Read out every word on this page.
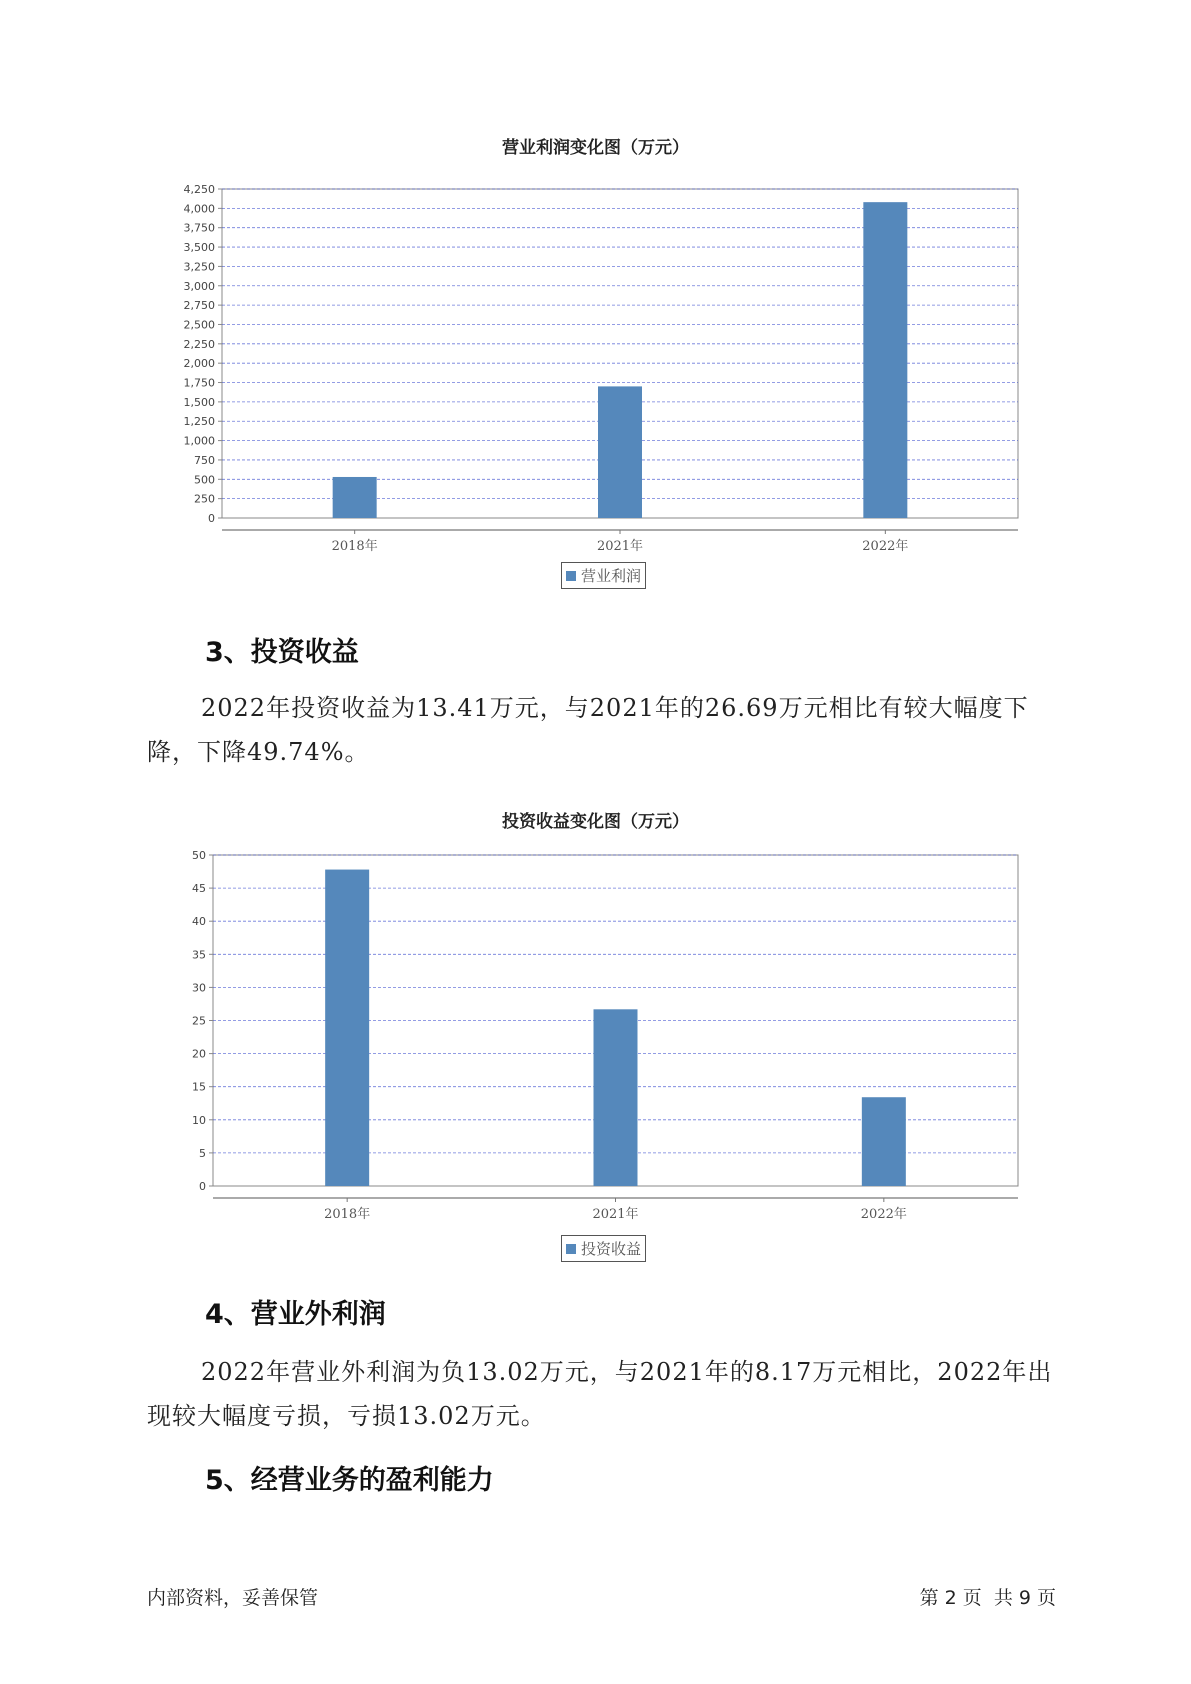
营业利润变化图（万元）
0
250
500
750
1,000
1,250
1,500
1,750
2,000
2,250
2,500
2,750
3,000
3,250
3,500
3,750
4,000
4,250
2018年	2021年	2022年
营业利润
3、投资收益

2022年投资收益为13.41万元，与2021年的26.69万元相比有较大幅度下降，下降49.74%。

投资收益变化图（万元）
0
5
10
15
20
25
30
35
40
45
50
2018年	2021年	2022年
投资收益
4、营业外利润

2022年营业外利润为负13.02万元，与2021年的8.17万元相比，2022年出现较大幅度亏损，亏损13.02万元。

5、经营业务的盈利能力
内部资料，妥善保管	第 2 页  共 9 页
